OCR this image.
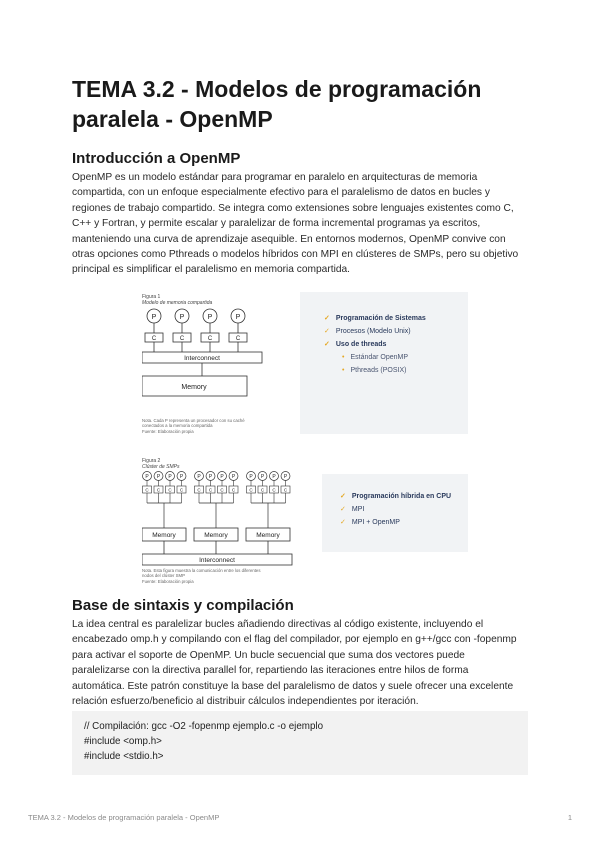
TEMA 3.2 - Modelos de programación paralela - OpenMP
Introducción a OpenMP
OpenMP es un modelo estándar para programar en paralelo en arquitecturas de memoria
compartida, con un enfoque especialmente efectivo para el paralelismo de datos en bucles y
regiones de trabajo compartido. Se integra como extensiones sobre lenguajes existentes como C,
C++ y Fortran, y permite escalar y paralelizar de forma incremental programas ya escritos,
manteniendo una curva de aprendizaje asequible. En entornos modernos, OpenMP convive con
otras opciones como Pthreads o modelos híbridos con MPI en clústeres de SMPs, pero su objetivo
principal es simplificar el paralelismo en memoria compartida.
Figura 1
Modelo de memoria compartida
P
C
P
C
P
C
P
C
Interconnect
Memory
Nota. Cada P representa un procesador con su caché
conectados a la memoria compartida
Fuente: Elaboración propia
✓ Programación de Sistemas
✓ Procesos (Modelo Unix)
✓ Uso de threads
• Estándar OpenMP
• Pthreads (POSIX)
Figura 2
Clúster de SMPs
P
C
P
C
P
C
P
C
P
C
P
C
P
C
P
C
P
C
P
C
P
C
P
C
Memory	Memory	Memory
Interconnect
Nota. Esta figura muestra la comunicación entre los diferentes
nodos del clúster SMP
Fuente: Elaboración propia
✓ Programación híbrida en CPU
✓ MPI
✓ MPI + OpenMP
Base de sintaxis y compilación
La idea central es paralelizar bucles añadiendo directivas al código existente, incluyendo el
encabezado omp.h y compilando con el flag del compilador, por ejemplo en g++/gcc con -fopenmp
para activar el soporte de OpenMP. Un bucle secuencial que suma dos vectores puede
paralelizarse con la directiva parallel for, repartiendo las iteraciones entre hilos de forma
automática. Este patrón constituye la base del paralelismo de datos y suele ofrecer una excelente
relación esfuerzo/beneficio al distribuir cálculos independientes por iteración.
// Compilación: gcc -O2 -fopenmp ejemplo.c -o ejemplo
#include <omp.h>
#include <stdio.h>
TEMA 3.2 - Modelos de programación paralela - OpenMP	1
